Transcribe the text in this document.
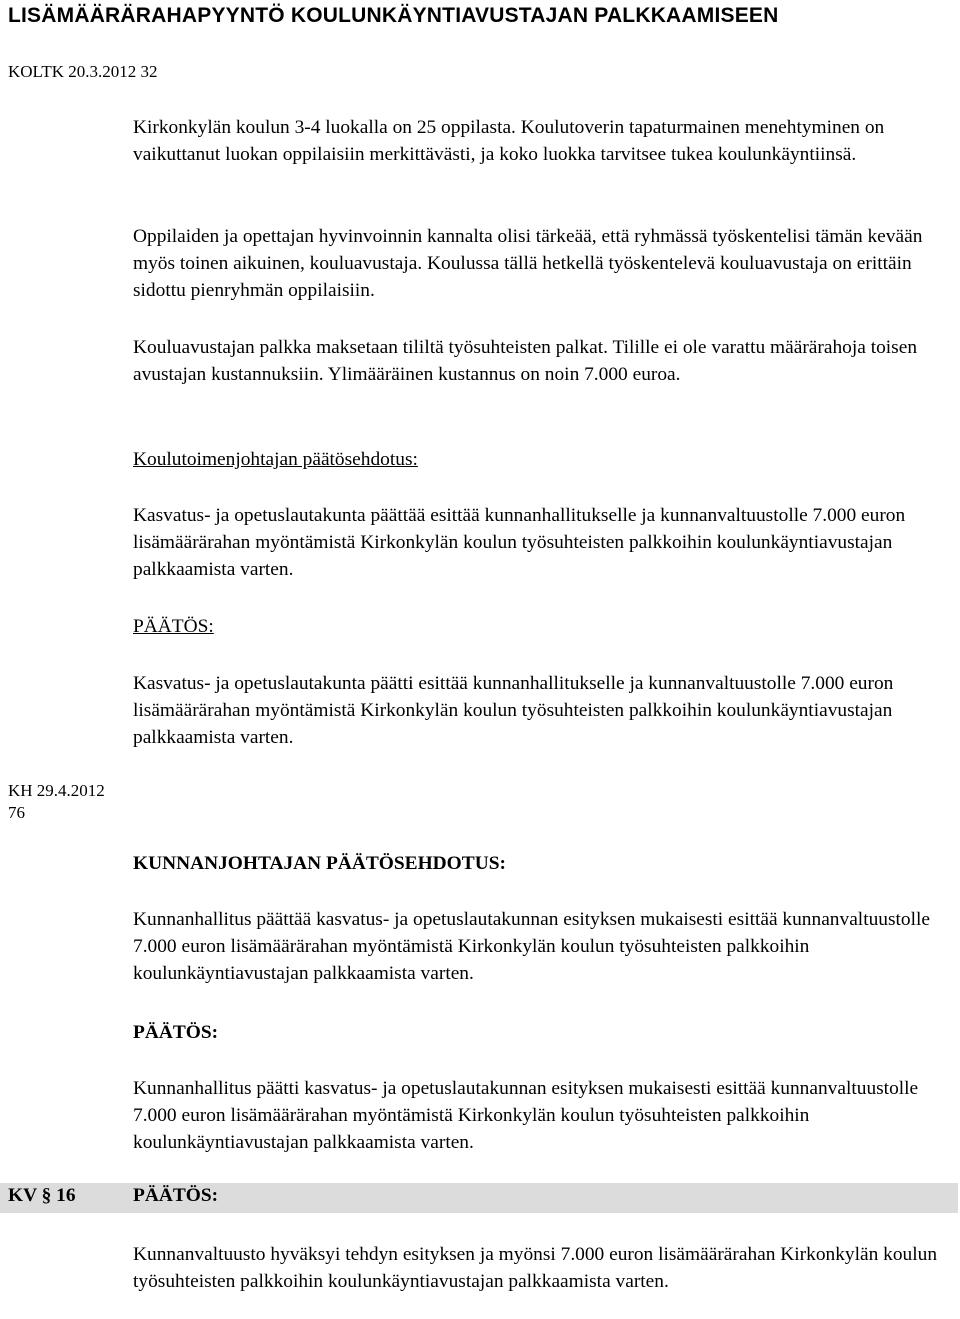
LISÄMÄÄRÄRAHAPYYNTÖ KOULUNKÄYNTIAVUSTAJAN PALKKAAMISEEN
KOLTK 20.3.2012 32

Kirkonkylän koulun 3-4 luokalla on 25 oppilasta. Koulutoverin tapaturmainen menehtyminen on vaikuttanut luokan oppilaisiin merkittävästi, ja koko luokka tarvitsee tukea koulunkäyntiinsä.

Oppilaiden ja opettajan hyvinvoinnin kannalta olisi tärkeää, että ryhmässä työskentelisi tämän kevään myös toinen aikuinen, kouluavustaja. Koulussa tällä hetkellä työskentelevä kouluavustaja on erittäin sidottu pienryhmän oppilaisiin.

Kouluavustajan palkka maksetaan tililtä työsuhteisten palkat. Tilille ei ole varattu määrärahoja toisen avustajan kustannuksiin. Ylimääräinen kustannus on noin 7.000 euroa.

Koulutoimenjohtajan päätösehdotus:

Kasvatus- ja opetuslautakunta päättää esittää kunnanhallitukselle ja kunnanvaltuustolle 7.000 euron lisämäärärahan myöntämistä Kirkonkylän koulun työsuhteisten palkkoihin koulunkäyntiavustajan palkkaamista varten.

PÄÄTÖS:

Kasvatus- ja opetuslautakunta päätti esittää kunnanhallitukselle ja kunnanvaltuustolle 7.000 euron lisämäärärahan myöntämistä Kirkonkylän koulun työsuhteisten palkkoihin koulunkäyntiavustajan palkkaamista varten.

KH 29.4.2012
76

KUNNANJOHTAJAN PÄÄTÖSEHDOTUS:

Kunnanhallitus päättää kasvatus- ja opetuslautakunnan esityksen mukaisesti esittää kunnanvaltuustolle 7.000 euron lisämäärärahan myöntämistä Kirkonkylän koulun työsuhteisten palkkoihin koulunkäyntiavustajan palkkaamista varten.

PÄÄTÖS:

Kunnanhallitus päätti kasvatus- ja opetuslautakunnan esityksen mukaisesti esittää kunnanvaltuustolle 7.000 euron lisämäärärahan myöntämistä Kirkonkylän koulun työsuhteisten palkkoihin koulunkäyntiavustajan palkkaamista varten.

KV § 16	PÄÄTÖS:

Kunnanvaltuusto hyväksyi tehdyn esityksen ja myönsi 7.000 euron lisämäärärahan Kirkonkylän koulun työsuhteisten palkkoihin koulunkäyntiavustajan palkkaamista varten.
